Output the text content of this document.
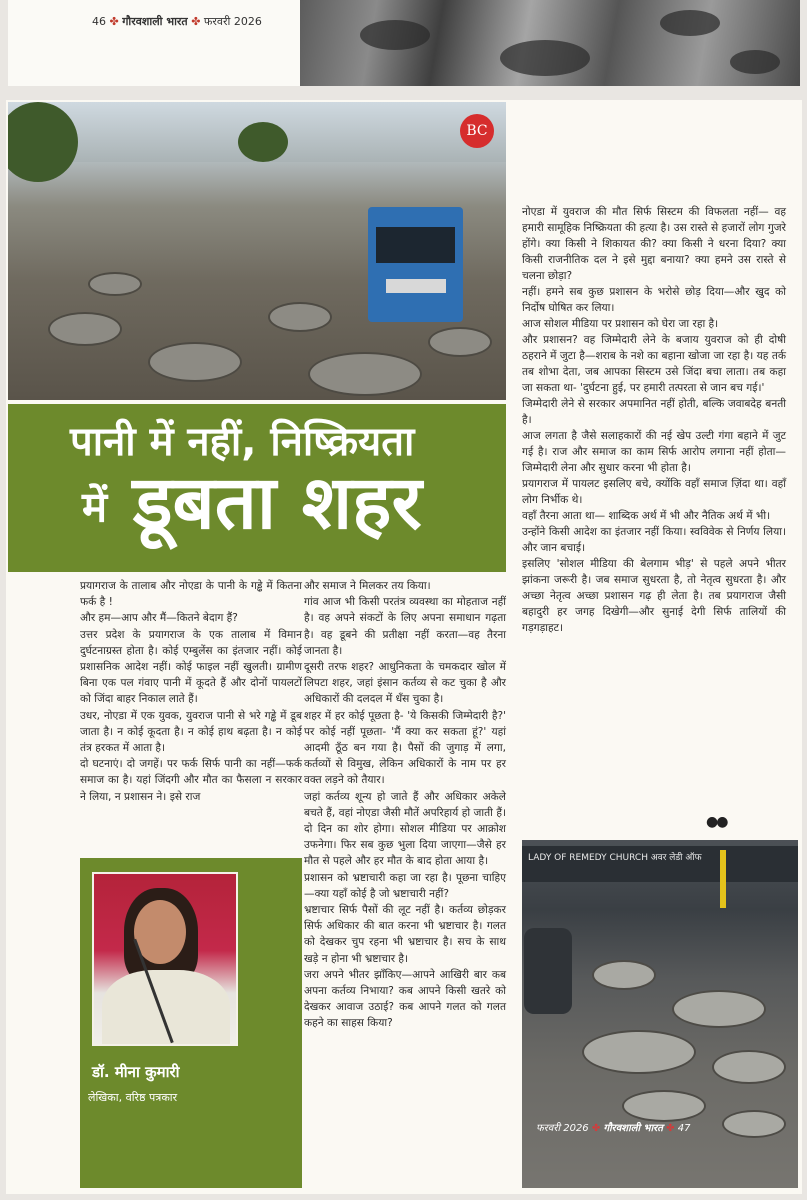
46 ✤ गौरवशाली भारत ✤ फरवरी 2026
BC
पानी में नहीं, निष्क्रियता
में डूबता शहर

प्रयागराज के तालाब और नोएडा के पानी के गड्ढे में कितना फर्क है !

और हम—आप और मैं—कितने बेदाग हैं?

उत्तर प्रदेश के प्रयागराज के एक तालाब में विमान दुर्घटनाग्रस्त होता है। कोई एम्बुलेंस का इंतजार नहीं। कोई प्रशासनिक आदेश नहीं। कोई फाइल नहीं खुलती। ग्रामीण बिना एक पल गंवाए पानी में कूदते हैं और दोनों पायलटों को जिंदा बाहर निकाल लाते हैं।

उधर, नोएडा में एक युवक, युवराज पानी से भरे गड्ढे में डूब जाता है। न कोई कूदता है। न कोई हाथ बढ़ता है। न कोई तंत्र हरकत में आता है।

दो घटनाएं। दो जगहें। पर फर्क सिर्फ पानी का नहीं—फर्क समाज का है। यहां जिंदगी और मौत का फैसला न सरकार ने लिया, न प्रशासन ने। इसे राज

डॉ. मीना कुमारी
लेखिका, वरिष्ठ पत्रकार

और समाज ने मिलकर तय किया।

गांव आज भी किसी परतंत्र व्यवस्था का मोहताज नहीं है। वह अपने संकटों के लिए अपना समाधान गढ़ता है। वह डूबने की प्रतीक्षा नहीं करता—वह तैरना जानता है।

दूसरी तरफ शहर? आधुनिकता के चमकदार खोल में लिपटा शहर, जहां इंसान कर्तव्य से कट चुका है और अधिकारों की दलदल में धँस चुका है।

शहर में हर कोई पूछता है- 'ये किसकी जिम्मेदारी है?' पर कोई नहीं पूछता- 'मैं क्या कर सकता हूं?' यहां आदमी ठूँठ बन गया है। पैसों की जुगाड़ में लगा, कर्तव्यों से विमुख, लेकिन अधिकारों के नाम पर हर वक्त लड़ने को तैयार।

जहां कर्तव्य शून्य हो जाते हैं और अधिकार अकेले बचते हैं, वहां नोएडा जैसी मौतें अपरिहार्य हो जाती हैं। दो दिन का शोर होगा। सोशल मीडिया पर आक्रोश उफनेगा। फिर सब कुछ भुला दिया जाएगा—जैसे हर मौत से पहले और हर मौत के बाद होता आया है।

प्रशासन को भ्रष्टाचारी कहा जा रहा है। पूछना चाहिए—क्या यहाँ कोई है जो भ्रष्टाचारी नहीं?

भ्रष्टाचार सिर्फ पैसों की लूट नहीं है। कर्तव्य छोड़कर सिर्फ अधिकार की बात करना भी भ्रष्टाचार है। गलत को देखकर चुप रहना भी भ्रष्टाचार है। सच के साथ खड़े न होना भी भ्रष्टाचार है।

जरा अपने भीतर झाँकिए—आपने आखिरी बार कब अपना कर्तव्य निभाया? कब आपने किसी खतरे को देखकर आवाज उठाई? कब आपने गलत को गलत कहने का साहस किया?

नोएडा में युवराज की मौत सिर्फ सिस्टम की विफलता नहीं— वह हमारी सामूहिक निष्क्रियता की हत्या है। उस रास्ते से हजारों लोग गुजरे होंगे। क्या किसी ने शिकायत की? क्या किसी ने धरना दिया? क्या किसी राजनीतिक दल ने इसे मुद्दा बनाया? क्या हमने उस रास्ते से चलना छोड़ा?

नहीं। हमने सब कुछ प्रशासन के भरोसे छोड़ दिया—और खुद को निर्दोष घोषित कर लिया।

आज सोशल मीडिया पर प्रशासन को घेरा जा रहा है।

और प्रशासन? वह जिम्मेदारी लेने के बजाय युवराज को ही दोषी ठहराने में जुटा है—शराब के नशे का बहाना खोजा जा रहा है। यह तर्क तब शोभा देता, जब आपका सिस्टम उसे जिंदा बचा लाता। तब कहा जा सकता था- 'दुर्घटना हुई, पर हमारी तत्परता से जान बच गई।'

जिम्मेदारी लेने से सरकार अपमानित नहीं होती, बल्कि जवाबदेह बनती है।

आज लगता है जैसे सलाहकारों की नई खेप उल्टी गंगा बहाने में जुट गई है। राज और समाज का काम सिर्फ आरोप लगाना नहीं होता— जिम्मेदारी लेना और सुधार करना भी होता है।

प्रयागराज में पायलट इसलिए बचे, क्योंकि वहाँ समाज ज़िंदा था। वहाँ लोग निर्भीक थे।

वहाँ तैरना आता था— शाब्दिक अर्थ में भी और नैतिक अर्थ में भी।

उन्होंने किसी आदेश का इंतजार नहीं किया। स्वविवेक से निर्णय लिया। और जान बचाई।

इसलिए 'सोशल मीडिया की बेलगाम भीड़' से पहले अपने भीतर झांकना जरूरी है। जब समाज सुधरता है, तो नेतृत्व सुधरता है। और अच्छा नेतृत्व अच्छा प्रशासन गढ़ ही लेता है। तब प्रयागराज जैसी बहादुरी हर जगह दिखेगी—और सुनाई देगी सिर्फ तालियों की गड़गड़ाहट।

●●
LADY OF REMEDY CHURCH अवर लेडी ऑफ
फरवरी 2026 ✤ गौरवशाली भारत ✤ 47
